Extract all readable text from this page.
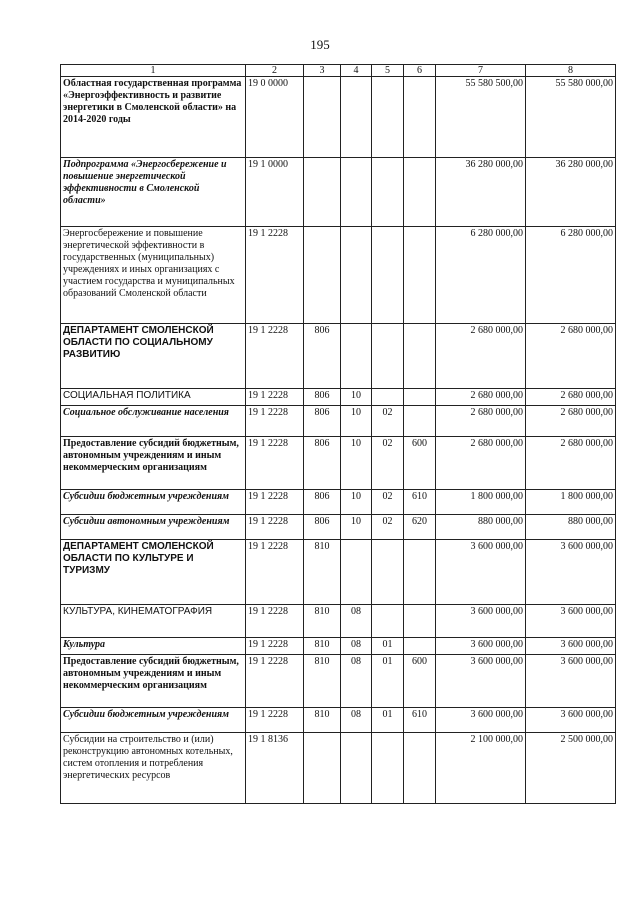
195
1	2	3	4	5	6	7	8
Областная государственная программа «Энергоэффективность и развитие энергетики в Смоленской области» на 2014-2020 годы	19 0 0000					55 580 500,00	55 580 000,00
Подпрограмма «Энергосбережение и повышение энергетической эффективности в Смоленской области»	19 1 0000					36 280 000,00	36 280 000,00
Энергосбережение и повышение энергетической эффективности в государственных (муниципальных) учреждениях и иных организациях с участием государства и муниципальных образований Смоленской области	19 1 2228					6 280 000,00	6 280 000,00
ДЕПАРТАМЕНТ СМОЛЕНСКОЙ ОБЛАСТИ ПО СОЦИАЛЬНОМУ РАЗВИТИЮ	19 1 2228	806				2 680 000,00	2 680 000,00
СОЦИАЛЬНАЯ ПОЛИТИКА	19 1 2228	806	10			2 680 000,00	2 680 000,00
Социальное обслуживание населения	19 1 2228	806	10	02		2 680 000,00	2 680 000,00
Предоставление субсидий бюджетным, автономным учреждениям и иным некоммерческим организациям	19 1 2228	806	10	02	600	2 680 000,00	2 680 000,00
Субсидии бюджетным учреждениям	19 1 2228	806	10	02	610	1 800 000,00	1 800 000,00
Субсидии автономным учреждениям	19 1 2228	806	10	02	620	880 000,00	880 000,00
ДЕПАРТАМЕНТ СМОЛЕНСКОЙ ОБЛАСТИ ПО КУЛЬТУРЕ И ТУРИЗМУ	19 1 2228	810				3 600 000,00	3 600 000,00
КУЛЬТУРА, КИНЕМАТОГРАФИЯ	19 1 2228	810	08			3 600 000,00	3 600 000,00
Культура	19 1 2228	810	08	01		3 600 000,00	3 600 000,00
Предоставление субсидий бюджетным, автономным учреждениям и иным некоммерческим организациям	19 1 2228	810	08	01	600	3 600 000,00	3 600 000,00
Субсидии бюджетным учреждениям	19 1 2228	810	08	01	610	3 600 000,00	3 600 000,00
Субсидии на строительство и (или) реконструкцию автономных котельных, систем отопления и потребления энергетических ресурсов	19 1 8136					2 100 000,00	2 500 000,00
